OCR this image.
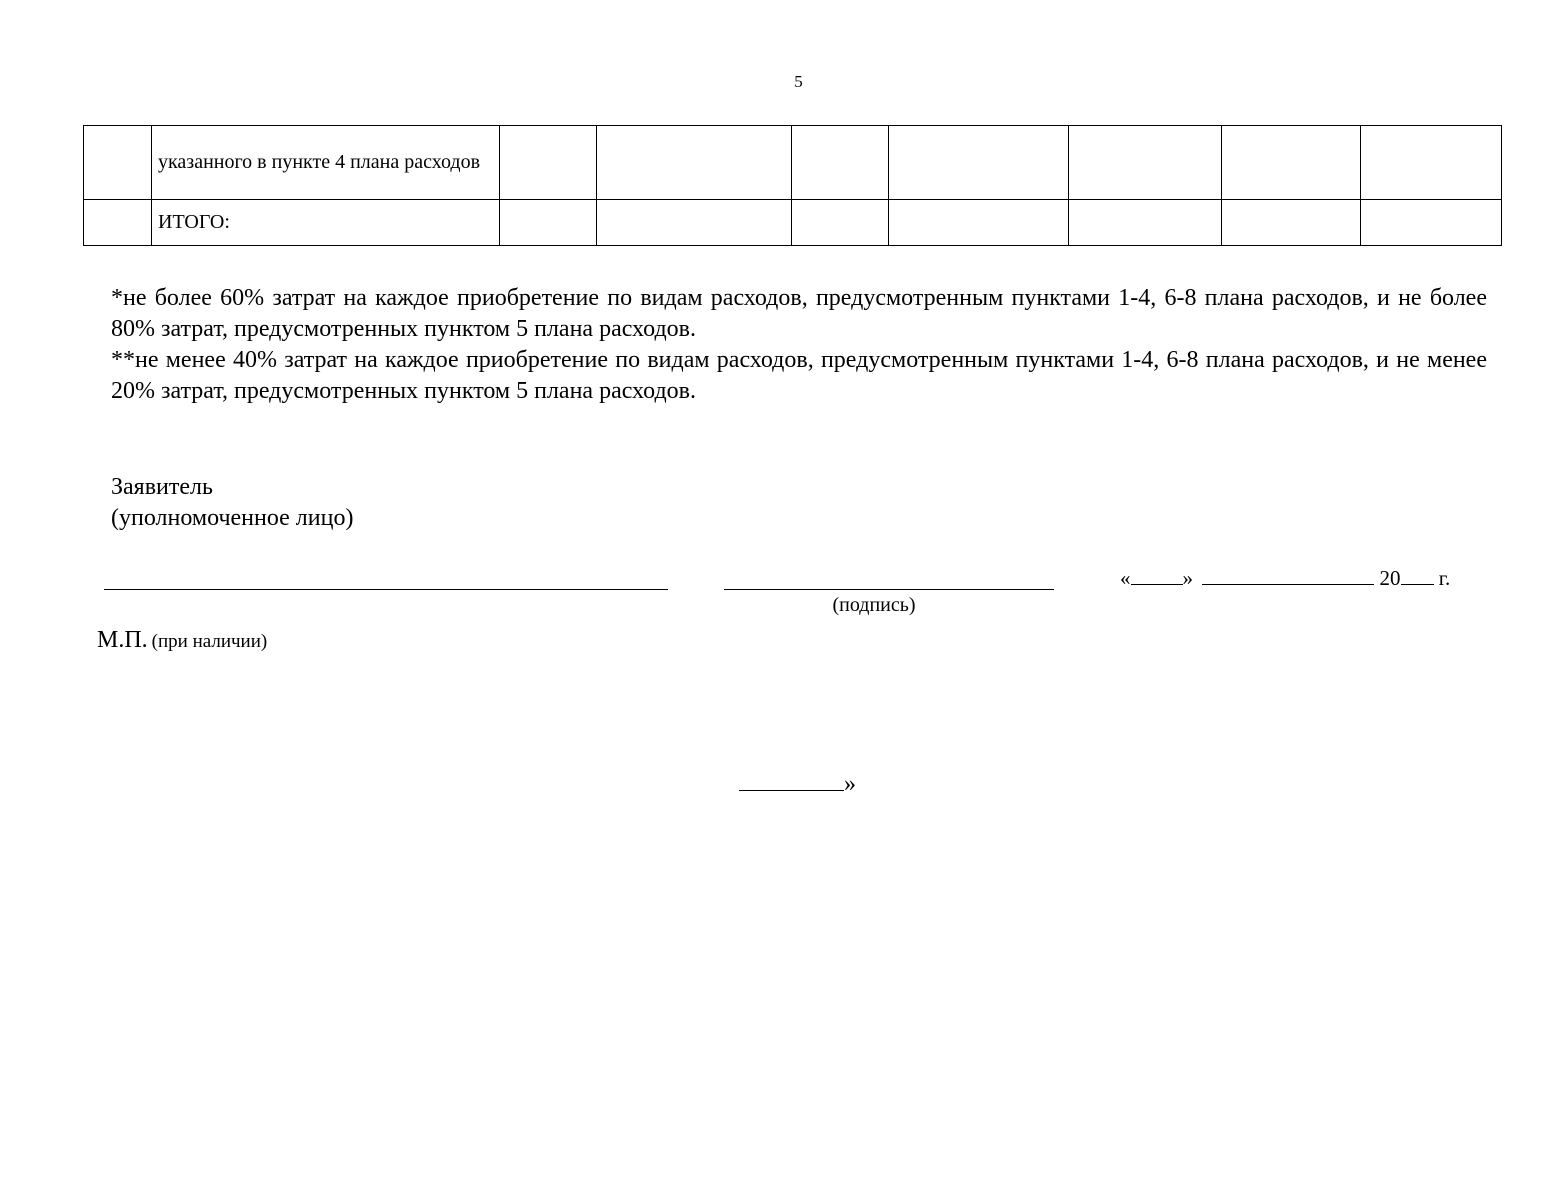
5
	указанного в пункте 4 плана расходов							
	ИТОГО:							

*не более 60% затрат на каждое приобретение по видам расходов, предусмотренным пунктами 1-4, 6-8 плана расходов, и не более 80% затрат, предусмотренных пунктом 5 плана расходов.

**не менее 40% затрат на каждое приобретение по видам расходов, предусмотренным пунктами 1-4, 6-8 плана расходов, и не менее 20% затрат, предусмотренных пунктом 5 плана расходов.

Заявитель
(уполномоченное лицо)
(подпись)
« »	20 г.
М.П. (при наличии)
»
